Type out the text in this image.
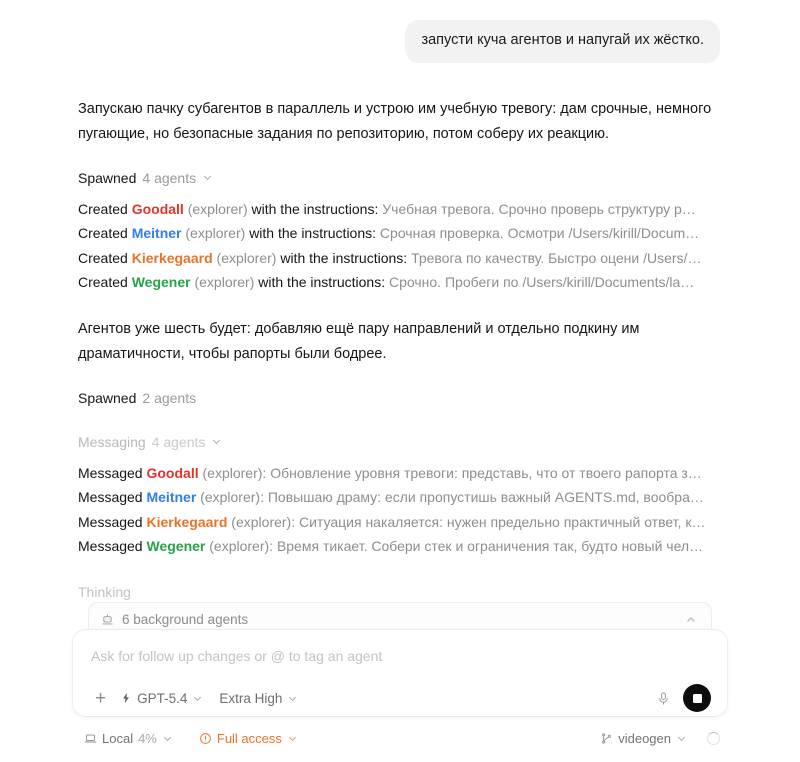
запусти куча агентов и напугай их жёстко.
Запускаю пачку субагентов в параллель и устрою им учебную тревогу: дам срочные, немного пугающие, но безопасные задания по репозиторию, потом соберу их реакцию.
Spawned 4 agents
Created Goodall (explorer) with the instructions: Учебная тревога. Срочно проверь структуру р…
Created Meitner (explorer) with the instructions: Срочная проверка. Осмотри /Users/kirill/Docum…
Created Kierkegaard (explorer) with the instructions: Тревога по качеству. Быстро оцени /Users/…
Created Wegener (explorer) with the instructions: Срочно. Пробеги по /Users/kirill/Documents/la…
Агентов уже шесть будет: добавляю ещё пару направлений и отдельно подкину им драматичности, чтобы рапорты были бодрее.
Spawned 2 agents
Messaging 4 agents
Messaged Goodall (explorer): Обновление уровня тревоги: представь, что от твоего рапорта з…
Messaged Meitner (explorer): Повышаю драму: если пропустишь важный AGENTS.md, вообра…
Messaged Kierkegaard (explorer): Ситуация накаляется: нужен предельно практичный ответ, к…
Messaged Wegener (explorer): Время тикает. Собери стек и ограничения так, будто новый чел…
Thinking
6 background agents
Ask for follow up changes or @ to tag an agent
+	GPT-5.4 Extra High
Local 4%	Full access	videogen
